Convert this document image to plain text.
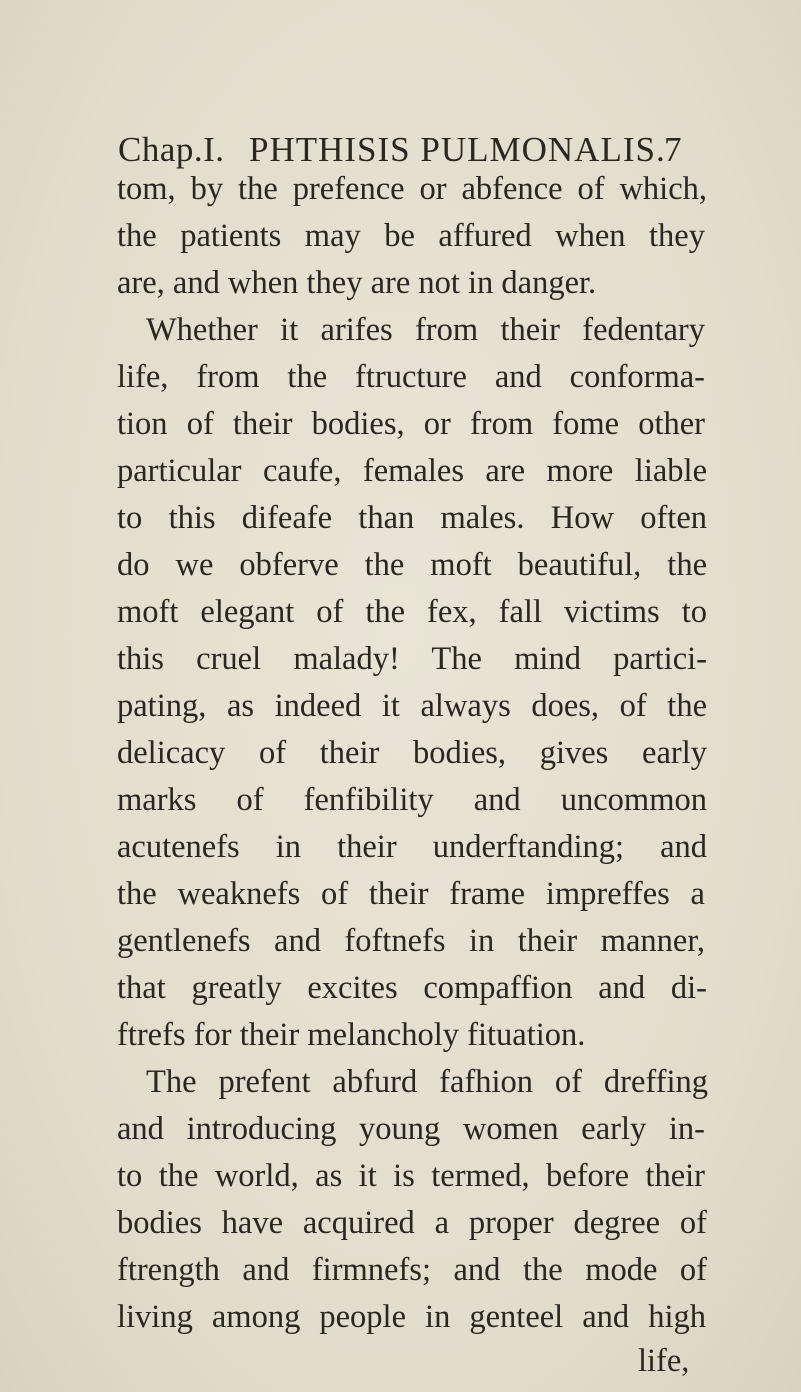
Chap.I. PHTHISIS PULMONALIS.
7
tom, by the prefence or abfence of which,
the patients may be affured when they
are, and when they are not in danger.
Whether it arifes from their fedentary
life, from the ftructure and conforma-
tion of their bodies, or from fome other
particular caufe, females are more liable
to this difeafe than males. How often
do we obferve the moft beautiful, the
moft elegant of the fex, fall victims to
this cruel malady! The mind partici-
pating, as indeed it always does, of the
delicacy of their bodies, gives early
marks of fenfibility and uncommon
acutenefs in their underftanding; and
the weaknefs of their frame impreffes a
gentlenefs and foftnefs in their manner,
that greatly excites compaffion and di-
ftrefs for their melancholy fituation.
The prefent abfurd fafhion of dreffing
and introducing young women early in-
to the world, as it is termed, before their
bodies have acquired a proper degree of
ftrength and firmnefs; and the mode of
living among people in genteel and high
life,
